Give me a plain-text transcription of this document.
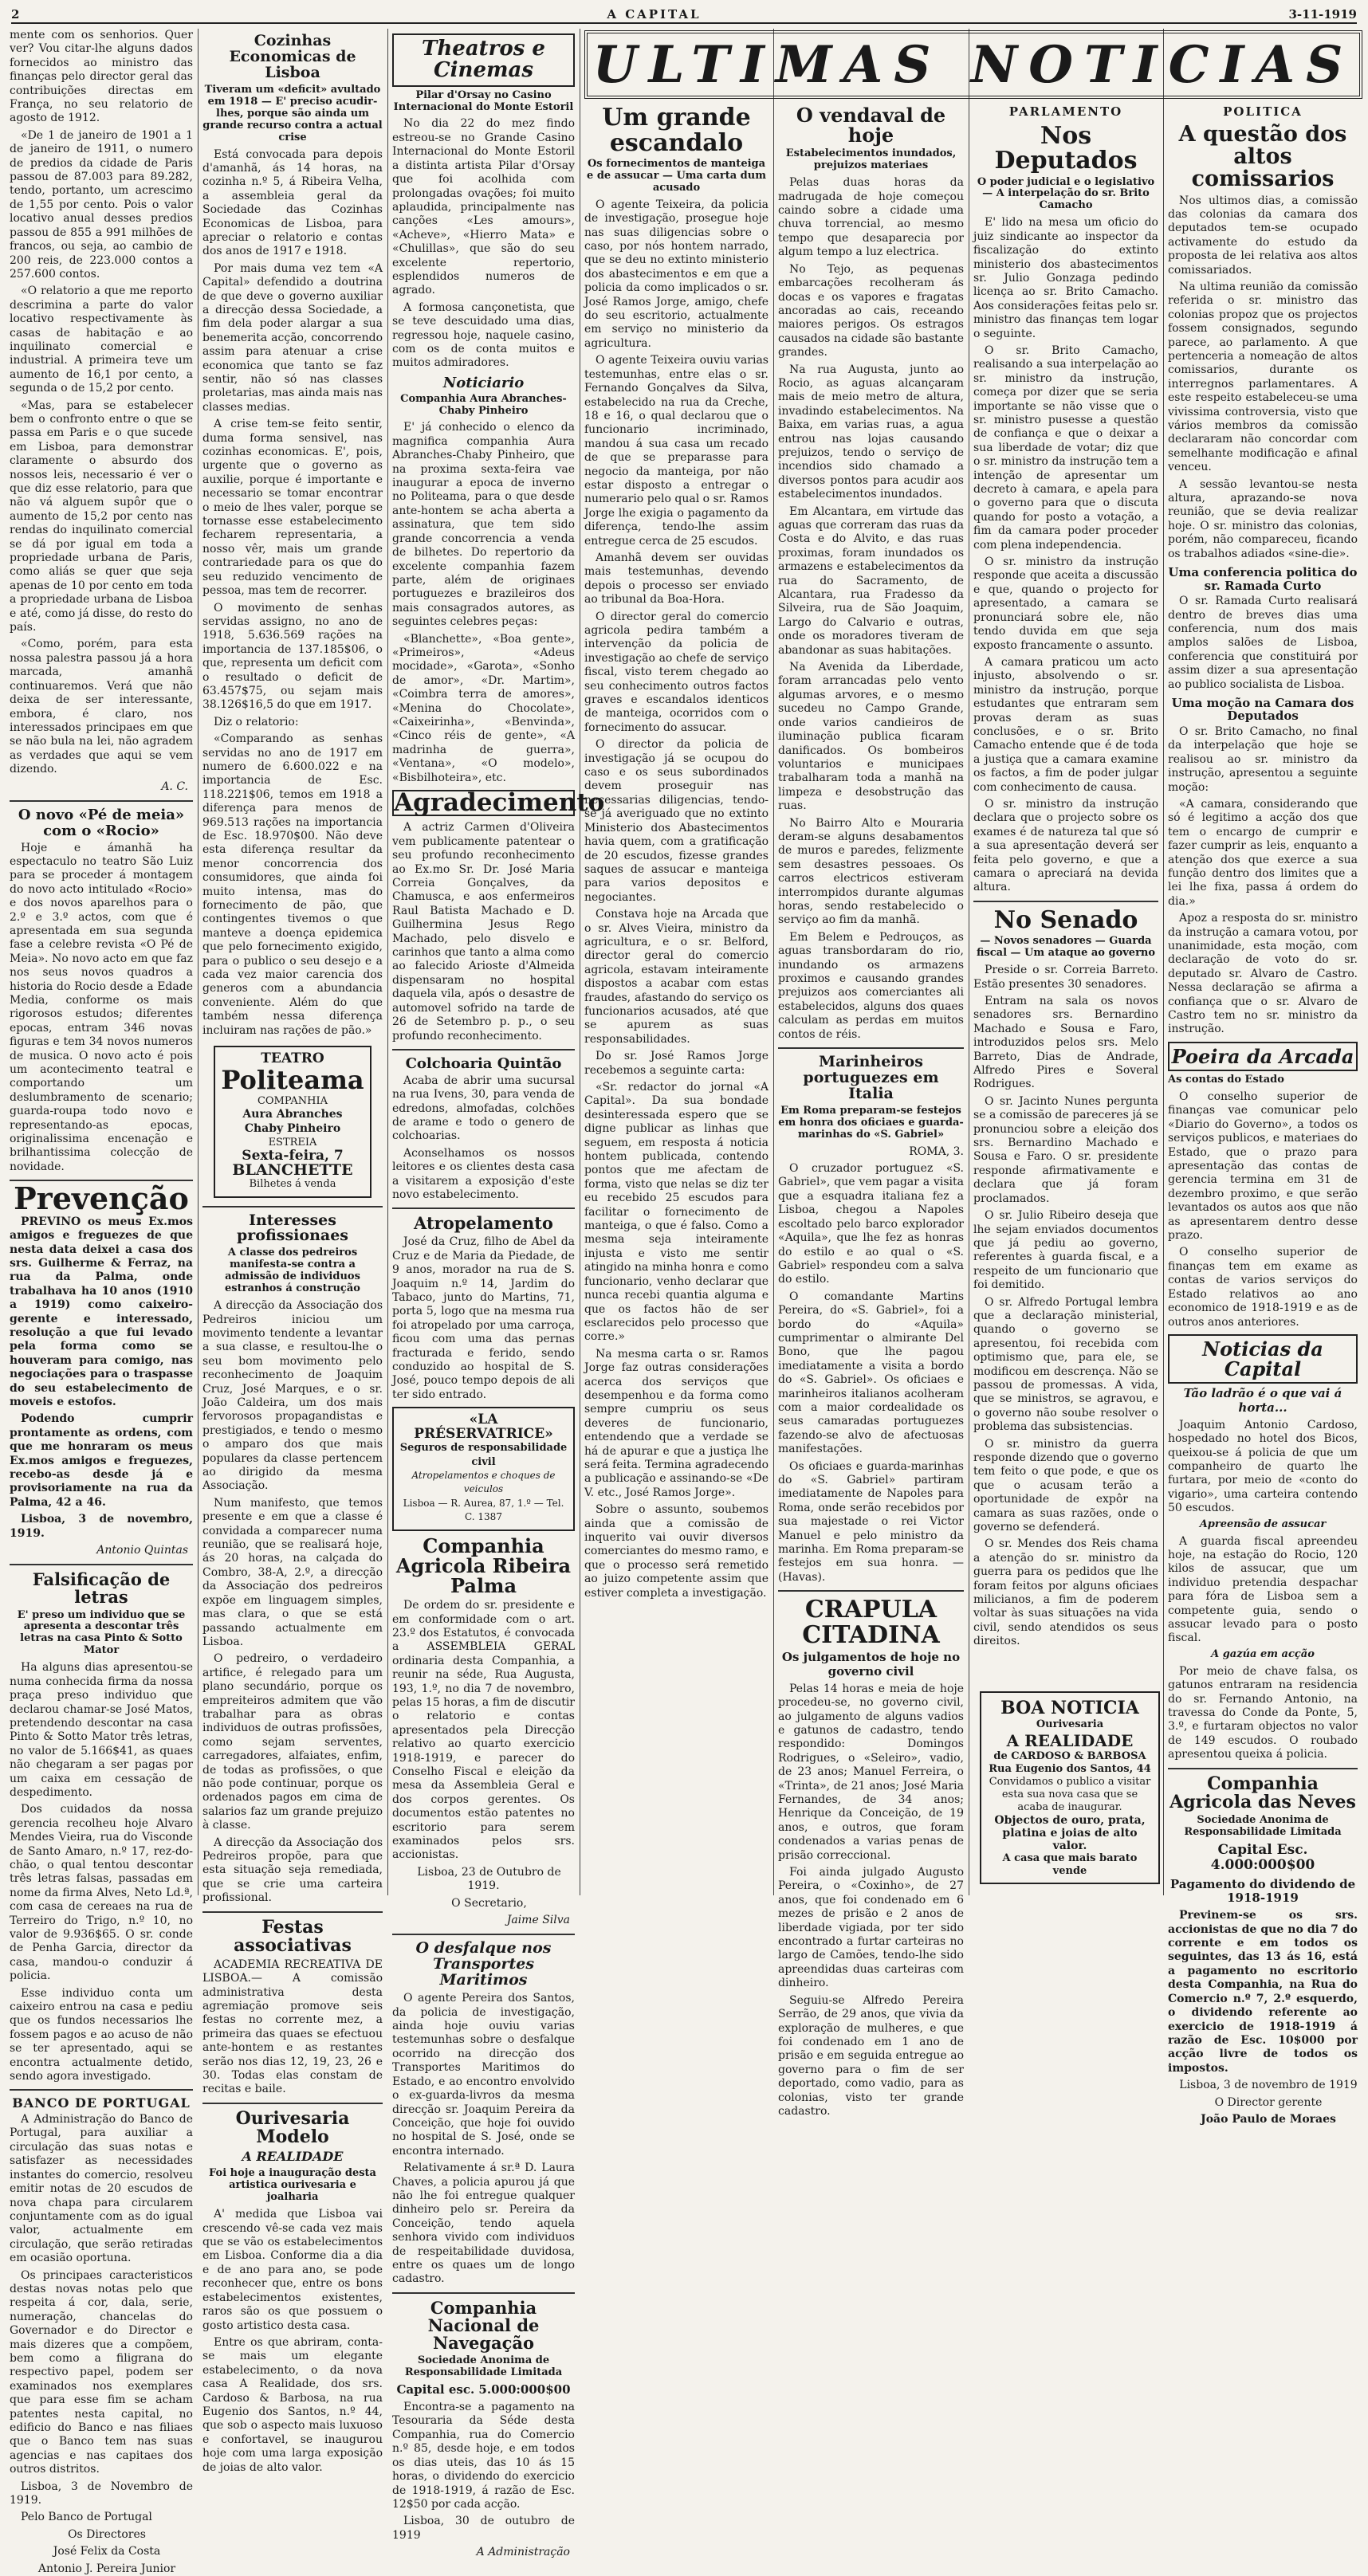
2	A CAPITAL	3-11-1919

mente com os senhorios. Quer ver? Vou citar-lhe alguns dados fornecidos ao ministro das finanças pelo director geral das contribuições directas em França, no seu relatorio de agosto de 1912.

«De 1 de janeiro de 1901 a 1 de janeiro de 1911, o numero de predios da cidade de Paris passou de 87.003 para 89.282, tendo, portanto, um acrescimo de 1,55 por cento. Pois o valor locativo anual desses predios passou de 855 a 991 milhões de francos, ou seja, ao cambio de 200 reis, de 223.000 contos a 257.600 contos.

«O relatorio a que me reporto descrimina a parte do valor locativo respectivamente às casas de habitação e ao inquilinato comercial e industrial. A primeira teve um aumento de 16,1 por cento, a segunda o de 15,2 por cento.

«Mas, para se estabelecer bem o confronto entre o que se passa em Paris e o que sucede em Lisboa, para demonstrar claramente o absurdo dos nossos leis, necessario é ver o que diz esse relatorio, para que não vá alguem supôr que o aumento de 15,2 por cento nas rendas do inquilinato comercial se dá por igual em toda a propriedade urbana de Paris, como aliás se quer que seja apenas de 10 por cento em toda a propriedade urbana de Lisboa e até, como já disse, do resto do país.

«Como, porém, para esta nossa palestra passou já a hora marcada, amanhã continuaremos. Verá que não deixa de ser interessante, embora, é claro, nos interessados principaes em que se não bula na lei, não agradem as verdades que aqui se vem dizendo.

A. C.
O novo «Pé de meia» com o «Rocio»

Hoje e ámanhã ha espectaculo no teatro São Luiz para se proceder á montagem do novo acto intitulado «Rocio» e dos novos aparelhos para o 2.º e 3.º actos, com que é apresentada em sua segunda fase a celebre revista «O Pé de Meia». No novo acto em que faz nos seus novos quadros a historia do Rocio desde a Edade Media, conforme os mais rigorosos estudos; diferentes epocas, entram 346 novas figuras e tem 34 novos numeros de musica. O novo acto é pois um acontecimento teatral e comportando um deslumbramento de scenario; guarda-roupa todo novo e representando-as epocas, originalissima encenação e brilhantissima colecção de novidade.

Prevenção

PREVINO os meus Ex.mos amigos e freguezes de que nesta data deixei a casa dos srs. Guilherme & Ferraz, na rua da Palma, onde trabalhava ha 10 anos (1910 a 1919) como caixeiro-gerente e interessado, resolução a que fui levado pela forma como se houveram para comigo, nas negociações para o traspasse do seu estabelecimento de moveis e estofos.

Podendo cumprir prontamente as ordens, com que me honraram os meus Ex.mos amigos e freguezes, recebo-as desde já e provisoriamente na rua da Palma, 42 a 46.

Lisboa, 3 de novembro, 1919.

Antonio Quintas
Falsificação de letras
E' preso um individuo que se apresenta a descontar três letras na casa Pinto & Sotto Mator

Ha alguns dias apresentou-se numa conhecida firma da nossa praça preso individuo que declarou chamar-se José Matos, pretendendo descontar na casa Pinto & Sotto Mator três letras, no valor de 5.166$41, as quaes não chegaram a ser pagas por um caixa em cessação de despedimento.

Dos cuidados da nossa gerencia recolheu hoje Alvaro Mendes Vieira, rua do Visconde de Santo Amaro, n.º 17, rez-do-chão, o qual tentou descontar três letras falsas, passadas em nome da firma Alves, Neto Ld.ª, com casa de cereaes na rua de Terreiro do Trigo, n.º 10, no valor de 9.936$65. O sr. conde de Penha Garcia, director da casa, mandou-o conduzir á policia.

Esse individuo conta um caixeiro entrou na casa e pediu que os fundos necessarios lhe fossem pagos e ao acuso de não se ter apresentado, aqui se encontra actualmente detido, sendo agora investigado.

BANCO DE PORTUGAL

A Administração do Banco de Portugal, para auxiliar a circulação das suas notas e satisfazer as necessidades instantes do comercio, resolveu emitir notas de 20 escudos de nova chapa para circularem conjuntamente com as do igual valor, actualmente em circulação, que serão retiradas em ocasião oportuna.

Os principaes caracteristicos destas novas notas pelo que respeita á cor, dala, serie, numeração, chancelas do Governador e do Director e mais dizeres que a compõem, bem como a filigrana do respectivo papel, podem ser examinados nos exemplares que para esse fim se acham patentes nesta capital, no edificio do Banco e nas filiaes que o Banco tem nas suas agencias e nas capitaes dos outros distritos.

Lisboa, 3 de Novembro de 1919.

Pelo Banco de Portugal

Os Directores

José Felix da Costa

Antonio J. Pereira Junior

Cozinhas Economicas de Lisboa
Tiveram um «deficit» avultado em 1918 — E' preciso acudir-lhes, porque são ainda um grande recurso contra a actual crise

Está convocada para depois d'amanhã, ás 14 horas, na cozinha n.º 5, á Ribeira Velha, a assembleia geral da Sociedade das Cozinhas Economicas de Lisboa, para apreciar o relatorio e contas dos anos de 1917 e 1918.

Por mais duma vez tem «A Capital» defendido a doutrina de que deve o governo auxiliar a direcção dessa Sociedade, a fim dela poder alargar a sua benemerita acção, concorrendo assim para atenuar a crise economica que tanto se faz sentir, não só nas classes proletarias, mas ainda mais nas classes medias.

A crise tem-se feito sentir, duma forma sensivel, nas cozinhas economicas. E', pois, urgente que o governo as auxilie, porque é importante e necessario se tomar encontrar o meio de lhes valer, porque se tornasse esse estabelecimento fecharem representaria, a nosso vêr, mais um grande contrariedade para os que do seu reduzido vencimento de pessoa, mas tem de recorrer.

O movimento de senhas servidas assigno, no ano de 1918, 5.636.569 rações na importancia de 137.185$06, o que, representa um deficit com o resultado o deficit de 63.457$75, ou sejam mais 38.126$16,5 do que em 1917.

Diz o relatorio:

«Comparando as senhas servidas no ano de 1917 em numero de 6.600.022 e na importancia de Esc. 118.221$06, temos em 1918 a diferença para menos de 969.513 rações na importancia de Esc. 18.970$00. Não deve esta diferença resultar da menor concorrencia dos consumidores, que ainda foi muito intensa, mas do fornecimento de pão, que contingentes tivemos o que manteve a doença epidemica que pelo fornecimento exigido, para o publico o seu desejo e a cada vez maior carencia dos generos com a abundancia conveniente. Além do que também nessa diferença incluiram nas rações de pão.»

TEATRO
Politeama
COMPANHIA
Aura Abranches
Chaby Pinheiro
ESTREIA
Sexta-feira, 7
BLANCHETTE
Bilhetes á venda
Interesses profissionaes
A classe dos pedreiros manifesta-se contra a admissão de individuos estranhos á construção

A direcção da Associação dos Pedreiros iniciou um movimento tendente a levantar a sua classe, e resultou-lhe o seu bom movimento pelo reconhecimento de Joaquim Cruz, José Marques, e o sr. João Caldeira, um dos mais fervorosos propagandistas e prestigiados, e tendo o mesmo o amparo dos que mais populares da classe pertencem ao dirigido da mesma Associação.

Num manifesto, que temos presente e em que a classe é convidada a comparecer numa reunião, que se realisará hoje, ás 20 horas, na calçada do Combro, 38-A, 2.º, a direcção da Associação dos pedreiros expõe em linguagem simples, mas clara, o que se está passando actualmente em Lisboa.

O pedreiro, o verdadeiro artifice, é relegado para um plano secundário, porque os empreiteiros admitem que vão trabalhar para as obras individuos de outras profissões, como sejam serventes, carregadores, alfaiates, enfim, de todas as profissões, o que não pode continuar, porque os ordenados pagos em cima de salarios faz um grande prejuizo à classe.

A direcção da Associação dos Pedreiros propõe, para que esta situação seja remediada, que se crie uma carteira profissional.

Festas associativas

ACADEMIA RECREATIVA DE LISBOA.— A comissão administrativa desta agremiação promove seis festas no corrente mez, a primeira das quaes se efectuou ante-hontem e as restantes serão nos dias 12, 19, 23, 26 e 30. Todas elas constam de recitas e baile.

Ourivesaria Modelo
A REALIDADE
Foi hoje a inauguração desta artistica ourivesaria e joalharia

A' medida que Lisboa vai crescendo vê-se cada vez mais que se vão os estabelecimentos em Lisboa. Conforme dia a dia e de ano para ano, se pode reconhecer que, entre os bons estabelecimentos existentes, raros são os que possuem o gosto artistico desta casa.

Entre os que abriram, conta-se mais um elegante estabelecimento, o da nova casa A Realidade, dos srs. Cardoso & Barbosa, na rua Eugenio dos Santos, n.º 44, que sob o aspecto mais luxuoso e confortavel, se inaugurou hoje com uma larga exposição de joias de alto valor.

Theatros e Cinemas
Pilar d'Orsay no Casino Internacional do Monte Estoril

No dia 22 do mez findo estreou-se no Grande Casino Internacional do Monte Estoril a distinta artista Pilar d'Orsay que foi acolhida com prolongadas ovações; foi muito aplaudida, principalmente nas canções «Les amours», «Acheve», «Hierro Mata» e «Chulillas», que são do seu excelente repertorio, esplendidos numeros de agrado.

A formosa cançonetista, que se teve descuidado uma dias, regressou hoje, naquele casino, com os de conta muitos e muitos admiradores.

Noticiario
Companhia Aura Abranches-Chaby Pinheiro

E' já conhecido o elenco da magnifica companhia Aura Abranches-Chaby Pinheiro, que na proxima sexta-feira vae inaugurar a epoca de inverno no Politeama, para o que desde ante-hontem se acha aberta a assinatura, que tem sido grande concorrencia a venda de bilhetes. Do repertorio da excelente companhia fazem parte, além de originaes portuguezes e brazileiros dos mais consagrados autores, as seguintes celebres peças:

«Blanchette», «Boa gente», «Primeiros», «Adeus mocidade», «Garota», «Sonho de amor», «Dr. Martim», «Coimbra terra de amores», «Menina do Chocolate», «Caixeirinha», «Benvinda», «Cinco réis de gente», «A madrinha de guerra», «Ventana», «O modelo», «Bisbilhoteira», etc.

Agradecimento

A actriz Carmen d'Oliveira vem publicamente patentear o seu profundo reconhecimento ao Ex.mo Sr. Dr. José Maria Correia Gonçalves, da Chamusca, e aos enfermeiros Raul Batista Machado e D. Guilhermina Jesus Rego Machado, pelo disvelo e carinhos que tanto a alma como ao falecido Arioste d'Almeida dispensaram no hospital daquela vila, após o desastre de automovel sofrido na tarde de 26 de Setembro p. p., o seu profundo reconhecimento.

Colchoaria Quintão

Acaba de abrir uma sucursal na rua Ivens, 30, para venda de edredons, almofadas, colchões de arame e todo o genero de colchoarias.

Aconselhamos os nossos leitores e os clientes desta casa a visitarem a exposição d'este novo estabelecimento.

Atropelamento

José da Cruz, filho de Abel da Cruz e de Maria da Piedade, de 9 anos, morador na rua de S. Joaquim n.º 14, Jardim do Tabaco, junto do Martins, 71, porta 5, logo que na mesma rua foi atropelado por uma carroça, ficou com uma das pernas fracturada e ferido, sendo conduzido ao hospital de S. José, pouco tempo depois de ali ter sido entrado.

«LA PRÉSERVATRICE»
Seguros de responsabilidade civil
Atropelamentos e choques de veiculos
Lisboa — R. Aurea, 87, 1.º — Tel. C. 1387
Companhia Agricola Ribeira Palma

De ordem do sr. presidente e em conformidade com o art. 23.º dos Estatutos, é convocada a ASSEMBLEIA GERAL ordinaria desta Companhia, a reunir na séde, Rua Augusta, 193, 1.º, no dia 7 de novembro, pelas 15 horas, a fim de discutir o relatorio e contas apresentados pela Direcção relativo ao quarto exercicio 1918-1919, e parecer do Conselho Fiscal e eleição da mesa da Assembleia Geral e dos corpos gerentes. Os documentos estão patentes no escritorio para serem examinados pelos srs. accionistas.

Lisboa, 23 de Outubro de 1919.

O Secretario,

Jaime Silva
O desfalque nos Transportes Maritimos

O agente Pereira dos Santos, da policia de investigação, ainda hoje ouviu varias testemunhas sobre o desfalque ocorrido na direcção dos Transportes Maritimos do Estado, e ao encontro envolvido o ex-guarda-livros da mesma direcção sr. Joaquim Pereira da Conceição, que hoje foi ouvido no hospital de S. José, onde se encontra internado.

Relativamente á sr.ª D. Laura Chaves, a policia apurou já que não lhe foi entregue qualquer dinheiro pelo sr. Pereira da Conceição, tendo aquela senhora vivido com individuos de respeitabilidade duvidosa, entre os quaes um de longo cadastro.

Companhia Nacional de Navegação
Sociedade Anonima de Responsabilidade Limitada
Capital esc. 5.000:000$00

Encontra-se a pagamento na Tesouraria da Séde desta Companhia, rua do Comercio n.º 85, desde hoje, e em todos os dias uteis, das 10 ás 15 horas, o dividendo do exercicio de 1918-1919, á razão de Esc. 12$50 por cada acção.

Lisboa, 30 de outubro de 1919

A Administração
ULTIMAS NOTICIAS
Um grande escandalo
Os fornecimentos de manteiga e de assucar — Uma carta dum acusado

O agente Teixeira, da policia de investigação, prosegue hoje nas suas diligencias sobre o caso, por nós hontem narrado, que se deu no extinto ministerio dos abastecimentos e em que a policia da como implicados o sr. José Ramos Jorge, amigo, chefe do seu escritorio, actualmente em serviço no ministerio da agricultura.

O agente Teixeira ouviu varias testemunhas, entre elas o sr. Fernando Gonçalves da Silva, estabelecido na rua da Creche, 18 e 16, o qual declarou que o funcionario incriminado, mandou á sua casa um recado de que se preparasse para negocio da manteiga, por não estar disposto a entregar o numerario pelo qual o sr. Ramos Jorge lhe exigia o pagamento da diferença, tendo-lhe assim entregue cerca de 25 escudos.

Amanhã devem ser ouvidas mais testemunhas, devendo depois o processo ser enviado ao tribunal da Boa-Hora.

O director geral do comercio agricola pedira também a intervenção da policia de investigação ao chefe de serviço fiscal, visto terem chegado ao seu conhecimento outros factos graves e escandalos identicos de manteiga, ocorridos com o fornecimento do assucar.

O director da policia de investigação já se ocupou do caso e os seus subordinados devem proseguir nas necessarias diligencias, tendo-se já averiguado que no extinto Ministerio dos Abastecimentos havia quem, com a gratificação de 20 escudos, fizesse grandes saques de assucar e manteiga para varios depositos e negociantes.

Constava hoje na Arcada que o sr. Alves Vieira, ministro da agricultura, e o sr. Belford, director geral do comercio agricola, estavam inteiramente dispostos a acabar com estas fraudes, afastando do serviço os funcionarios acusados, até que se apurem as suas responsabilidades.

Do sr. José Ramos Jorge recebemos a seguinte carta:

«Sr. redactor do jornal «A Capital». Da sua bondade desinteressada espero que se digne publicar as linhas que seguem, em resposta á noticia hontem publicada, contendo pontos que me afectam de forma, visto que nelas se diz ter eu recebido 25 escudos para facilitar o fornecimento de manteiga, o que é falso. Como a mesma seja inteiramente injusta e visto me sentir atingido na minha honra e como funcionario, venho declarar que nunca recebi quantia alguma e que os factos hão de ser esclarecidos pelo processo que corre.»

Na mesma carta o sr. Ramos Jorge faz outras considerações acerca dos serviços que desempenhou e da forma como sempre cumpriu os seus deveres de funcionario, entendendo que a verdade se há de apurar e que a justiça lhe será feita. Termina agradecendo a publicação e assinando-se «De V. etc., José Ramos Jorge».

Sobre o assunto, soubemos ainda que a comissão de inquerito vai ouvir diversos comerciantes do mesmo ramo, e que o processo será remetido ao juizo competente assim que estiver completa a investigação.

O vendaval de hoje
Estabelecimentos inundados, prejuizos materiaes

Pelas duas horas da madrugada de hoje começou caindo sobre a cidade uma chuva torrencial, ao mesmo tempo que desaparecia por algum tempo a luz electrica.

No Tejo, as pequenas embarcações recolheram ás docas e os vapores e fragatas ancoradas ao cais, receando maiores perigos. Os estragos causados na cidade são bastante grandes.

Na rua Augusta, junto ao Rocio, as aguas alcançaram mais de meio metro de altura, invadindo estabelecimentos. Na Baixa, em varias ruas, a agua entrou nas lojas causando prejuizos, tendo o serviço de incendios sido chamado a diversos pontos para acudir aos estabelecimentos inundados.

Em Alcantara, em virtude das aguas que correram das ruas da Costa e do Alvito, e das ruas proximas, foram inundados os armazens e estabelecimentos da rua do Sacramento, de Alcantara, rua Fradesso da Silveira, rua de São Joaquim, Largo do Calvario e outras, onde os moradores tiveram de abandonar as suas habitações.

Na Avenida da Liberdade, foram arrancadas pelo vento algumas arvores, e o mesmo sucedeu no Campo Grande, onde varios candieiros de iluminação publica ficaram danificados. Os bombeiros voluntarios e municipaes trabalharam toda a manhã na limpeza e desobstrução das ruas.

No Bairro Alto e Mouraria deram-se alguns desabamentos de muros e paredes, felizmente sem desastres pessoaes. Os carros electricos estiveram interrompidos durante algumas horas, sendo restabelecido o serviço ao fim da manhã.

Em Belem e Pedrouços, as aguas transbordaram do rio, inundando os armazens proximos e causando grandes prejuizos aos comerciantes ali estabelecidos, alguns dos quaes calculam as perdas em muitos contos de réis.

Marinheiros portuguezes em Italia
Em Roma preparam-se festejos em honra dos oficiaes e guarda-marinhas do «S. Gabriel»

ROMA, 3.

O cruzador portuguez «S. Gabriel», que vem pagar a visita que a esquadra italiana fez a Lisboa, chegou a Napoles escoltado pelo barco explorador «Aquila», que lhe fez as honras do estilo e ao qual o «S. Gabriel» respondeu com a salva do estilo.

O comandante Martins Pereira, do «S. Gabriel», foi a bordo do «Aquila» cumprimentar o almirante Del Bono, que lhe pagou imediatamente a visita a bordo do «S. Gabriel». Os oficiaes e marinheiros italianos acolheram com a maior cordealidade os seus camaradas portuguezes fazendo-se alvo de afectuosas manifestações.

Os oficiaes e guarda-marinhas do «S. Gabriel» partiram imediatamente de Napoles para Roma, onde serão recebidos por sua majestade o rei Victor Manuel e pelo ministro da marinha. Em Roma preparam-se festejos em sua honra. — (Havas).

CRAPULA CITADINA
Os julgamentos de hoje no governo civil

Pelas 14 horas e meia de hoje procedeu-se, no governo civil, ao julgamento de alguns vadios e gatunos de cadastro, tendo respondido: Domingos Rodrigues, o «Seleiro», vadio, de 23 anos; Manuel Ferreira, o «Trinta», de 21 anos; José Maria Fernandes, de 34 anos; Henrique da Conceição, de 19 anos, e outros, que foram condenados a varias penas de prisão correccional.

Foi ainda julgado Augusto Pereira, o «Coxinho», de 27 anos, que foi condenado em 6 mezes de prisão e 2 anos de liberdade vigiada, por ter sido encontrado a furtar carteiras no largo de Camões, tendo-lhe sido apreendidas duas carteiras com dinheiro.

Seguiu-se Alfredo Pereira Serrão, de 29 anos, que vivia da exploração de mulheres, e que foi condenado em 1 ano de prisão e em seguida entregue ao governo para o fim de ser deportado, como vadio, para as colonias, visto ter grande cadastro.

PARLAMENTO
Nos Deputados
O poder judicial e o legislativo — A interpelação do sr. Brito Camacho

E' lido na mesa um oficio do juiz sindicante ao inspector da fiscalização do extinto ministerio dos abastecimentos sr. Julio Gonzaga pedindo licença ao sr. Brito Camacho. Aos considerações feitas pelo sr. ministro das finanças tem logar o seguinte.

O sr. Brito Camacho, realisando a sua interpelação ao sr. ministro da instrução, começa por dizer que se seria importante se não visse que o sr. ministro pusesse a questão de confiança e que o deixar a sua liberdade de votar; diz que o sr. ministro da instrução tem a intenção de apresentar um decreto à camara, e apela para o governo para que o discuta quando for posto a votação, a fim da camara poder proceder com plena independencia.

O sr. ministro da instrução responde que aceita a discussão e que, quando o projecto for apresentado, a camara se pronunciará sobre ele, não tendo duvida em que seja exposto francamente o assunto.

A camara praticou um acto injusto, absolvendo o sr. ministro da instrução, porque estudantes que entraram sem provas deram as suas conclusões, e o sr. Brito Camacho entende que é de toda a justiça que a camara examine os factos, a fim de poder julgar com conhecimento de causa.

O sr. ministro da instrução declara que o projecto sobre os exames é de natureza tal que só a sua apresentação deverá ser feita pelo governo, e que a camara o apreciará na devida altura.

No Senado
— Novos senadores — Guarda fiscal — Um ataque ao governo

Preside o sr. Correia Barreto. Estão presentes 30 senadores.

Entram na sala os novos senadores srs. Bernardino Machado e Sousa e Faro, introduzidos pelos srs. Melo Barreto, Dias de Andrade, Alfredo Pires e Soveral Rodrigues.

O sr. Jacinto Nunes pergunta se a comissão de pareceres já se pronunciou sobre a eleição dos srs. Bernardino Machado e Sousa e Faro. O sr. presidente responde afirmativamente e declara que já foram proclamados.

O sr. Julio Ribeiro deseja que lhe sejam enviados documentos que já pediu ao governo, referentes à guarda fiscal, e a respeito de um funcionario que foi demitido.

O sr. Alfredo Portugal lembra que a declaração ministerial, quando o governo se apresentou, foi recebida com optimismo que, para ele, se modificou em descrença. Não se passou de promessas. A vida, que se ministros, se agravou, e o governo não soube resolver o problema das subsistencias.

O sr. ministro da guerra responde dizendo que o governo tem feito o que pode, e que os que o acusam terão a oportunidade de expôr na camara as suas razões, onde o governo se defenderá.

O sr. Mendes dos Reis chama a atenção do sr. ministro da guerra para os pedidos que lhe foram feitos por alguns oficiaes milicianos, a fim de poderem voltar às suas situações na vida civil, sendo atendidos os seus direitos.

BOA NOTICIA
Ourivesaria
A REALIDADE
de CARDOSO & BARBOSA
Rua Eugenio dos Santos, 44
Convidamos o publico a visitar esta sua nova casa que se acaba de inaugurar.
Objectos de ouro, prata, platina e joias de alto valor.
A casa que mais barato vende
POLITICA
A questão dos altos comissarios

Nos ultimos dias, a comissão das colonias da camara dos deputados tem-se ocupado activamente do estudo da proposta de lei relativa aos altos comissariados.

Na ultima reunião da comissão referida o sr. ministro das colonias propoz que os projectos fossem consignados, segundo parece, ao parlamento. A que pertenceria a nomeação de altos comissarios, durante os interregnos parlamentares. A este respeito estabeleceu-se uma vivissima controversia, visto que vários membros da comissão declararam não concordar com semelhante modificação e afinal venceu.

A sessão levantou-se nesta altura, aprazando-se nova reunião, que se devia realizar hoje. O sr. ministro das colonias, porém, não compareceu, ficando os trabalhos adiados «sine-die».

Uma conferencia politica do sr. Ramada Curto

O sr. Ramada Curto realisará dentro de breves dias uma conferencia, num dos mais amplos salões de Lisboa, conferencia que constituirá por assim dizer a sua apresentação ao publico socialista de Lisboa.

Uma moção na Camara dos Deputados

O sr. Brito Camacho, no final da interpelação que hoje se realisou ao sr. ministro da instrução, apresentou a seguinte moção:

«A camara, considerando que só é legitimo a acção dos que tem o encargo de cumprir e fazer cumprir as leis, enquanto a atenção dos que exerce a sua função dentro dos limites que a lei lhe fixa, passa á ordem do dia.»

Apoz a resposta do sr. ministro da instrução a camara votou, por unanimidade, esta moção, com declaração de voto do sr. deputado sr. Alvaro de Castro. Nessa declaração se afirma a confiança que o sr. Alvaro de Castro tem no sr. ministro da instrução.

Poeira da Arcada
As contas do Estado

O conselho superior de finanças vae comunicar pelo «Diario do Governo», a todos os serviços publicos, e materiaes do Estado, que o prazo para apresentação das contas de gerencia termina em 31 de dezembro proximo, e que serão levantados os autos aos que não as apresentarem dentro desse prazo.

O conselho superior de finanças tem em exame as contas de varios serviços do Estado relativos ao ano economico de 1918-1919 e as de outros anos anteriores.

Noticias da Capital
Tão ladrão é o que vai á horta...

Joaquim Antonio Cardoso, hospedado no hotel dos Bicos, queixou-se á policia de que um companheiro de quarto lhe furtara, por meio de «conto do vigario», uma carteira contendo 50 escudos.

Apreensão de assucar

A guarda fiscal apreendeu hoje, na estação do Rocio, 120 kilos de assucar, que um individuo pretendia despachar para fóra de Lisboa sem a competente guia, sendo o assucar levado para o posto fiscal.

A gazúa em acção

Por meio de chave falsa, os gatunos entraram na residencia do sr. Fernando Antonio, na travessa do Conde da Ponte, 5, 3.º, e furtaram objectos no valor de 149 escudos. O roubado apresentou queixa á policia.

Companhia Agricola das Neves
Sociedade Anonima de Responsabilidade Limitada
Capital Esc. 4.000:000$00
Pagamento do dividendo de 1918-1919

Previnem-se os srs. accionistas de que no dia 7 do corrente e em todos os seguintes, das 13 ás 16, está a pagamento no escritorio desta Companhia, na Rua do Comercio n.º 7, 2.º esquerdo, o dividendo referente ao exercicio de 1918-1919 á razão de Esc. 10$000 por acção livre de todos os impostos.

Lisboa, 3 de novembro de 1919

O Director gerente

João Paulo de Moraes
